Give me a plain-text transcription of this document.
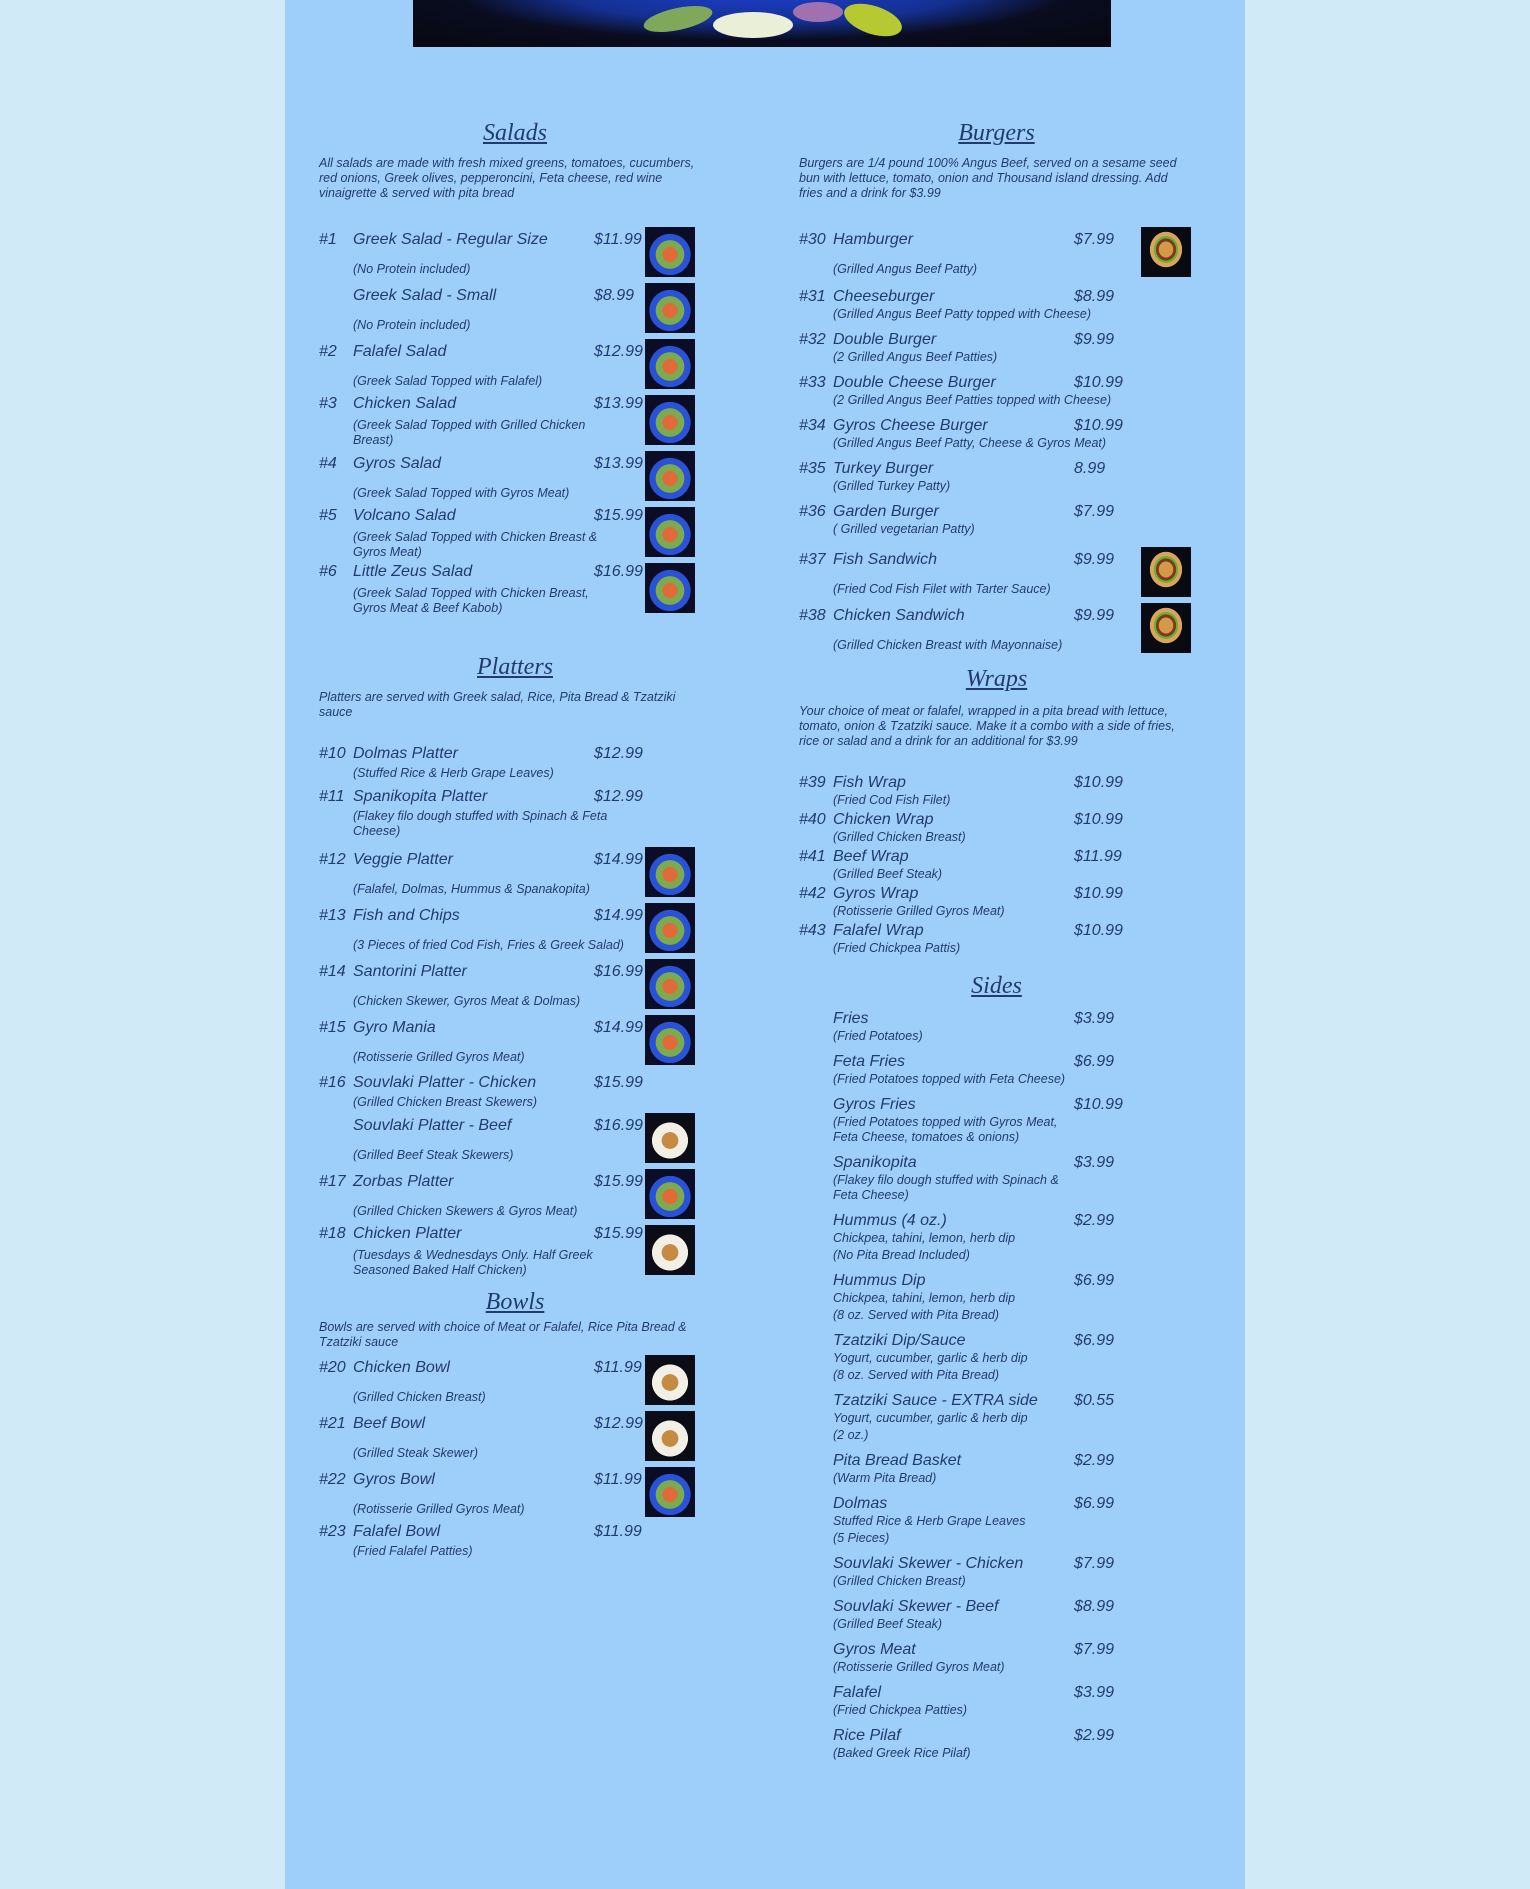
Salads
All salads are made with fresh mixed greens, tomatoes, cucumbers, red onions, Greek olives, pepperoncini, Feta cheese, red wine vinaigrette & served with pita bread
#1 Greek Salad - Regular Size	$11.99
(No Protein included)
Greek Salad - Small	$8.99
(No Protein included)
#2 Falafel Salad	$12.99
(Greek Salad Topped with Falafel)
#3 Chicken Salad	$13.99
(Greek Salad Topped with Grilled Chicken Breast)
#4 Gyros Salad	$13.99
(Greek Salad Topped with Gyros Meat)
#5 Volcano Salad	$15.99
(Greek Salad Topped with Chicken Breast & Gyros Meat)
#6 Little Zeus Salad	$16.99
(Greek Salad Topped with Chicken Breast, Gyros Meat & Beef Kabob)
Platters
Platters are served with Greek salad, Rice, Pita Bread & Tzatziki sauce
#10 Dolmas Platter	$12.99
(Stuffed Rice & Herb Grape Leaves)
#11 Spanikopita Platter	$12.99
(Flakey filo dough stuffed with Spinach & Feta Cheese)
#12 Veggie Platter	$14.99
(Falafel, Dolmas, Hummus & Spanakopita)
#13 Fish and Chips	$14.99
(3 Pieces of fried Cod Fish, Fries & Greek Salad)
#14 Santorini Platter	$16.99
(Chicken Skewer, Gyros Meat & Dolmas)
#15 Gyro Mania	$14.99
(Rotisserie Grilled Gyros Meat)
#16 Souvlaki Platter - Chicken	$15.99
(Grilled Chicken Breast Skewers)
Souvlaki Platter - Beef	$16.99
(Grilled Beef Steak Skewers)
#17 Zorbas Platter	$15.99
(Grilled Chicken Skewers & Gyros Meat)
#18 Chicken Platter	$15.99
(Tuesdays & Wednesdays Only. Half Greek Seasoned Baked Half Chicken)
Bowls
Bowls are served with choice of Meat or Falafel, Rice Pita Bread & Tzatziki sauce
#20 Chicken Bowl	$11.99
(Grilled Chicken Breast)
#21 Beef Bowl	$12.99
(Grilled Steak Skewer)
#22 Gyros Bowl	$11.99
(Rotisserie Grilled Gyros Meat)
#23 Falafel Bowl	$11.99
(Fried Falafel Patties)
Burgers
Burgers are 1/4 pound 100% Angus Beef, served on a sesame seed bun with lettuce, tomato, onion and Thousand island dressing. Add fries and a drink for $3.99
#30 Hamburger	$7.99
(Grilled Angus Beef Patty)
#31 Cheeseburger	$8.99
(Grilled Angus Beef Patty topped with Cheese)
#32 Double Burger	$9.99
(2 Grilled Angus Beef Patties)
#33 Double Cheese Burger	$10.99
(2 Grilled Angus Beef Patties topped with Cheese)
#34 Gyros Cheese Burger	$10.99
(Grilled Angus Beef Patty, Cheese & Gyros Meat)
#35 Turkey Burger	8.99
(Grilled Turkey Patty)
#36 Garden Burger	$7.99
( Grilled vegetarian Patty)
#37 Fish Sandwich	$9.99
(Fried Cod Fish Filet with Tarter Sauce)
#38 Chicken Sandwich	$9.99
(Grilled Chicken Breast with Mayonnaise)
Wraps
Your choice of meat or falafel, wrapped in a pita bread with lettuce, tomato, onion & Tzatziki sauce. Make it a combo with a side of fries, rice or salad and a drink for an additional for $3.99
#39 Fish Wrap	$10.99
(Fried Cod Fish Filet)
#40 Chicken Wrap	$10.99
(Grilled Chicken Breast)
#41 Beef Wrap	$11.99
(Grilled Beef Steak)
#42 Gyros Wrap	$10.99
(Rotisserie Grilled Gyros Meat)
#43 Falafel Wrap	$10.99
(Fried Chickpea Pattis)
Sides
Fries	$3.99
(Fried Potatoes)
Feta Fries	$6.99
(Fried Potatoes topped with Feta Cheese)
Gyros Fries	$10.99
(Fried Potatoes topped with Gyros Meat, Feta Cheese, tomatoes & onions)
Spanikopita	$3.99
(Flakey filo dough stuffed with Spinach & Feta Cheese)
Hummus (4 oz.)	$2.99
Chickpea, tahini, lemon, herb dip
(No Pita Bread Included)
Hummus Dip	$6.99
Chickpea, tahini, lemon, herb dip
(8 oz. Served with Pita Bread)
Tzatziki Dip/Sauce	$6.99
Yogurt, cucumber, garlic & herb dip
(8 oz. Served with Pita Bread)
Tzatziki Sauce - EXTRA side	$0.55
Yogurt, cucumber, garlic & herb dip
(2 oz.)
Pita Bread Basket	$2.99
(Warm Pita Bread)
Dolmas	$6.99
Stuffed Rice & Herb Grape Leaves
(5 Pieces)
Souvlaki Skewer - Chicken	$7.99
(Grilled Chicken Breast)
Souvlaki Skewer - Beef	$8.99
(Grilled Beef Steak)
Gyros Meat	$7.99
(Rotisserie Grilled Gyros Meat)
Falafel	$3.99
(Fried Chickpea Patties)
Rice Pilaf	$2.99
(Baked Greek Rice Pilaf)
